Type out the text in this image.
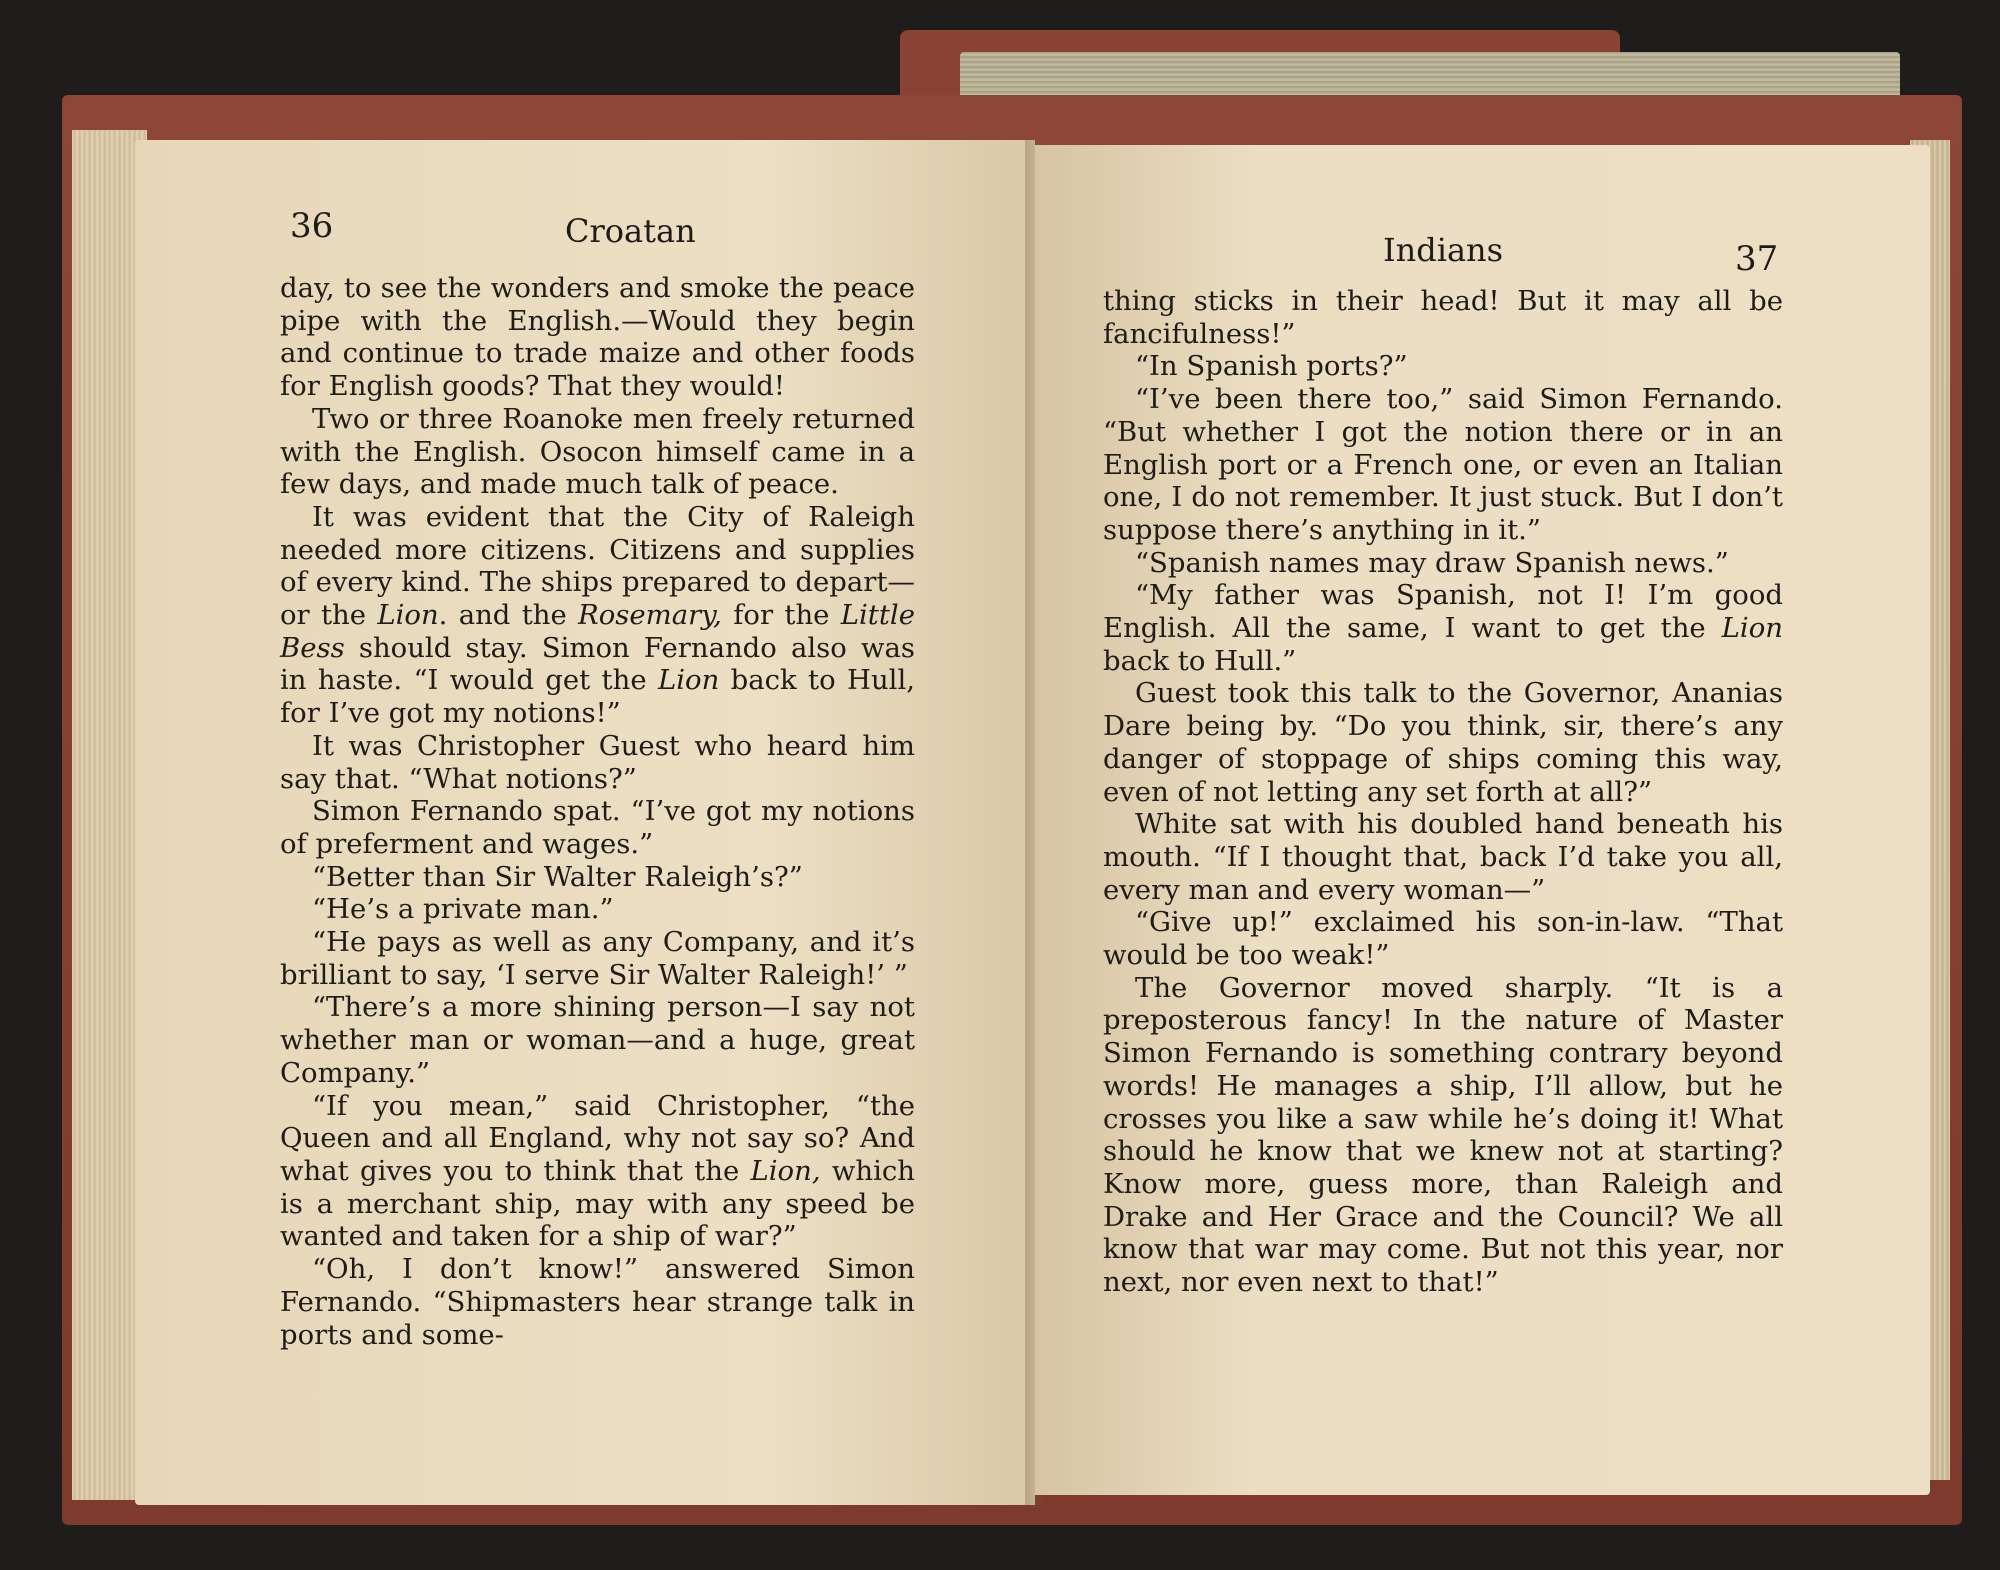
36	Croatan

day, to see the wonders and smoke the peace pipe with the English.—Would they begin and continue to trade maize and other foods for English goods? That they would!

Two or three Roanoke men freely returned with the English. Osocon himself came in a few days, and made much talk of peace.

It was evident that the City of Raleigh needed more citizens. Citizens and supplies of every kind. The ships prepared to depart—or the Lion. and the Rosemary, for the Little Bess should stay. Simon Fernando also was in haste. “I would get the Lion back to Hull, for I’ve got my notions!”

It was Christopher Guest who heard him say that. “What notions?”

Simon Fernando spat. “I’ve got my notions of preferment and wages.”

“Better than Sir Walter Raleigh’s?”

“He’s a private man.”

“He pays as well as any Company, and it’s brilliant to say, ‘I serve Sir Walter Raleigh!’ ”

“There’s a more shining person—I say not whether man or woman—and a huge, great Company.”

“If you mean,” said Christopher, “the Queen and all England, why not say so? And what gives you to think that the Lion, which is a merchant ship, may with any speed be wanted and taken for a ship of war?”

“Oh, I don’t know!” answered Simon Fernando. “Shipmasters hear strange talk in ports and some-

Indians	37

thing sticks in their head! But it may all be fancifulness!”

“In Spanish ports?”

“I’ve been there too,” said Simon Fernando. “But whether I got the notion there or in an English port or a French one, or even an Italian one, I do not remember. It just stuck. But I don’t suppose there’s anything in it.”

“Spanish names may draw Spanish news.”

“My father was Spanish, not I! I’m good English. All the same, I want to get the Lion back to Hull.”

Guest took this talk to the Governor, Ananias Dare being by. “Do you think, sir, there’s any danger of stoppage of ships coming this way, even of not letting any set forth at all?”

White sat with his doubled hand beneath his mouth. “If I thought that, back I’d take you all, every man and every woman—”

“Give up!” exclaimed his son-in-law. “That would be too weak!”

The Governor moved sharply. “It is a preposterous fancy! In the nature of Master Simon Fernando is something contrary beyond words! He manages a ship, I’ll allow, but he crosses you like a saw while he’s doing it! What should he know that we knew not at starting? Know more, guess more, than Raleigh and Drake and Her Grace and the Council? We all know that war may come. But not this year, nor next, nor even next to that!”
